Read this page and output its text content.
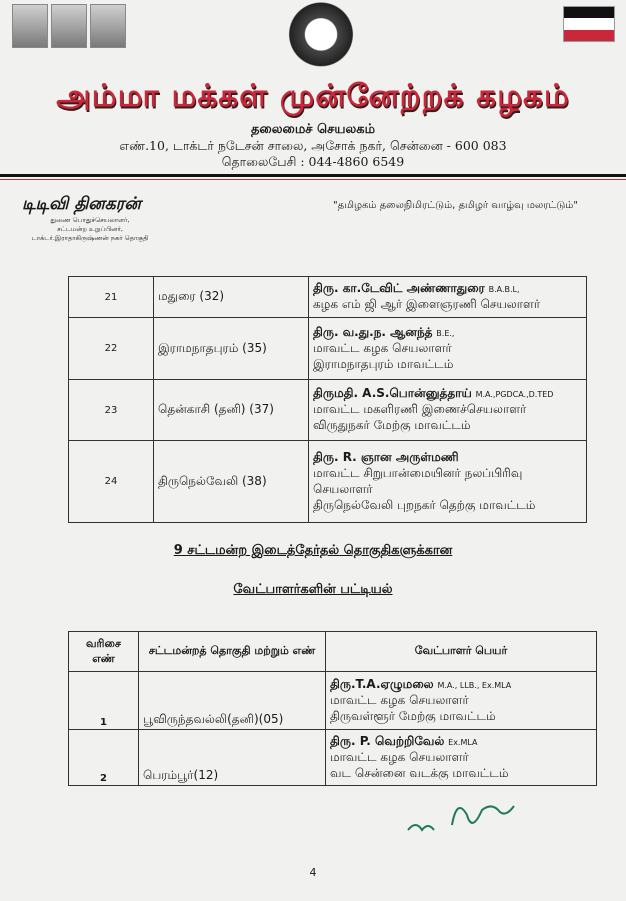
அம்மா மக்கள் முன்னேற்றக் கழகம்
தலைமைச் செயலகம்
எண்.10, டாக்டர் நடேசன் சாலை, அசோக் நகர், சென்னை - 600 083
தொலைபேசி : 044-4860 6549
டிடிவி தினகரன்
துணை பொதுச்செயலாளர்,
சட்டமன்ற உறுப்பினர்,
டாக்டர்.இராதாகிருஷ்ணன் நகர் தொகுதி
"தமிழகம் தலைநிமிரட்டும், தமிழர் வாழ்வு மலரட்டும்"
21	மதுரை (32)	திரு. கா.டேவிட் அண்ணாதுரை B.A.B.L,
கழக எம் ஜி ஆர் இளைஞரணி செயலாளர்

22	இராமநாதபுரம் (35)	திரு. வ.து.ந. ஆனந்த் B.E.,
மாவட்ட கழக செயலாளர்
இராமநாதபுரம் மாவட்டம்

23	தென்காசி (தனி) (37)	திருமதி. A.S.பொன்னுத்தாய் M.A.,PGDCA.,D.TED
மாவட்ட மகளிரணி இணைச்செயலாளர்
விருதுநகர் மேற்கு மாவட்டம்

24	திருநெல்வேலி (38)	திரு. R. ஞான அருள்மணி
மாவட்ட சிறுபான்மையினர் நலப்பிரிவு
செயலாளர்
திருநெல்வேலி புறநகர் தெற்கு மாவட்டம்
9 சட்டமன்ற இடைத்தேர்தல் தொகுதிகளுக்கான
வேட்பாளர்களின் பட்டியல்
வரிசை எண்	சட்டமன்றத் தொகுதி மற்றும் எண்	வேட்பாளர் பெயர்
1	பூவிருந்தவல்லி(தனி)(05)	திரு.T.A.ஏழுமலை M.A., LLB., Ex.MLA
மாவட்ட கழக செயலாளர்
திருவள்ளூர் மேற்கு மாவட்டம்

2	பெரம்பூர்(12)	திரு. P. வெற்றிவேல் Ex.MLA
மாவட்ட கழக செயலாளர்
வட சென்னை வடக்கு மாவட்டம்
4
